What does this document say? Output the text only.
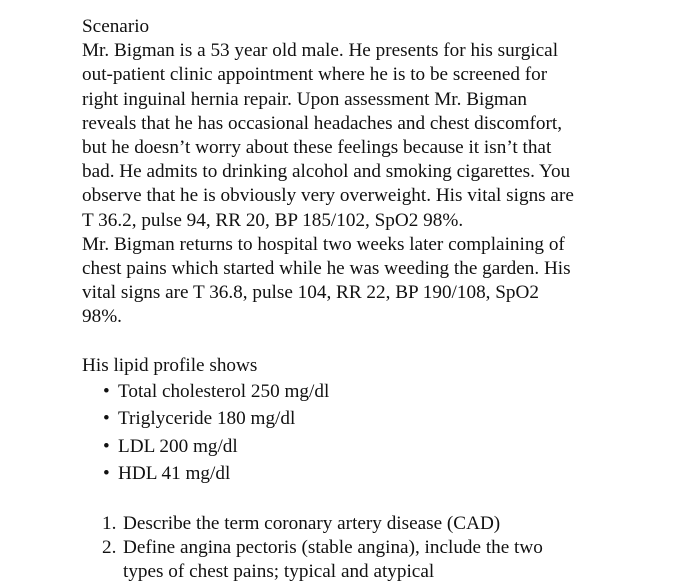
Scenario
Mr. Bigman is a 53 year old male. He presents for his surgical
out-patient clinic appointment where he is to be screened for
right inguinal hernia repair. Upon assessment Mr. Bigman
reveals that he has occasional headaches and chest discomfort,
but he doesn’t worry about these feelings because it isn’t that
bad. He admits to drinking alcohol and smoking cigarettes. You
observe that he is obviously very overweight. His vital signs are
T 36.2, pulse 94, RR 20, BP 185/102, SpO2 98%.
Mr. Bigman returns to hospital two weeks later complaining of
chest pains which started while he was weeding the garden. His
vital signs are T 36.8, pulse 104, RR 22, BP 190/108, SpO2
98%.
His lipid profile shows
• Total cholesterol 250 mg/dl
• Triglyceride 180 mg/dl
• LDL 200 mg/dl
• HDL 41 mg/dl
1. Describe the term coronary artery disease (CAD)
2. Define angina pectoris (stable angina), include the two
types of chest pains; typical and atypical
